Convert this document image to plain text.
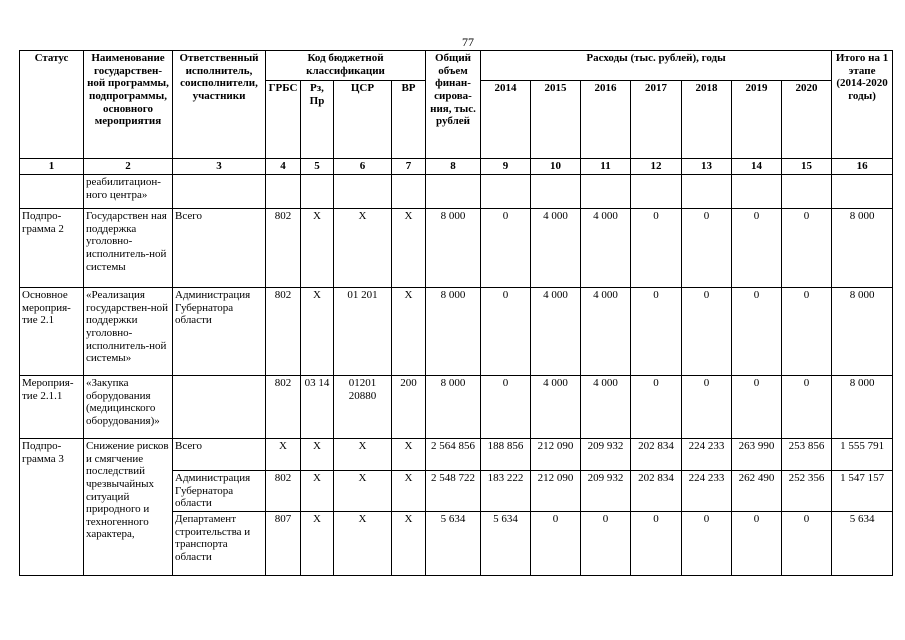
77
Статус	Наименование государствен-ной программы, подпрограммы, основного мероприятия	Ответственный исполнитель, соисполнители, участники	Код бюджетной классификации				Общий объем финан-сирова-ния, тыс. рублей	Расходы (тыс. рублей), годы							Итого на 1 этапе (2014-2020 годы)
			ГРБС	Рз, Пр	ЦСР	ВР		2014	2015	2016	2017	2018	2019	2020	
1	2	3	4	5	6	7	8	9	10	11	12	13	14	15	16
	реабилитацион-ного центра»														
Подпро-грамма 2	Государствен ная поддержка уголовно-исполнитель-ной системы	Всего	802	Х	Х	Х	8 000	0	4 000	4 000	0	0	0	0	8 000
Основное мероприя-тие 2.1	«Реализация государствен-ной поддержки уголовно-исполнитель-ной системы»	Администрация Губернатора области	802	Х	01 201	Х	8 000	0	4 000	4 000	0	0	0	0	8 000
Мероприя-тие 2.1.1	«Закупка оборудования (медицинского оборудования)»		802	03 14	01201 20880	200	8 000	0	4 000	4 000	0	0	0	0	8 000
Подпро-грамма 3	Снижение рисков и смягчение последствий чрезвычайных ситуаций природного и техногенного характера,	Всего	Х	Х	Х	Х	2 564 856	188 856	212 090	209 932	202 834	224 233	263 990	253 856	1 555 791
		Администрация Губернатора области	802	Х	Х	Х	2 548 722	183 222	212 090	209 932	202 834	224 233	262 490	252 356	1 547 157
		Департамент строительства и транспорта области	807	Х	Х	Х	5 634	5 634	0	0	0	0	0	0	5 634
